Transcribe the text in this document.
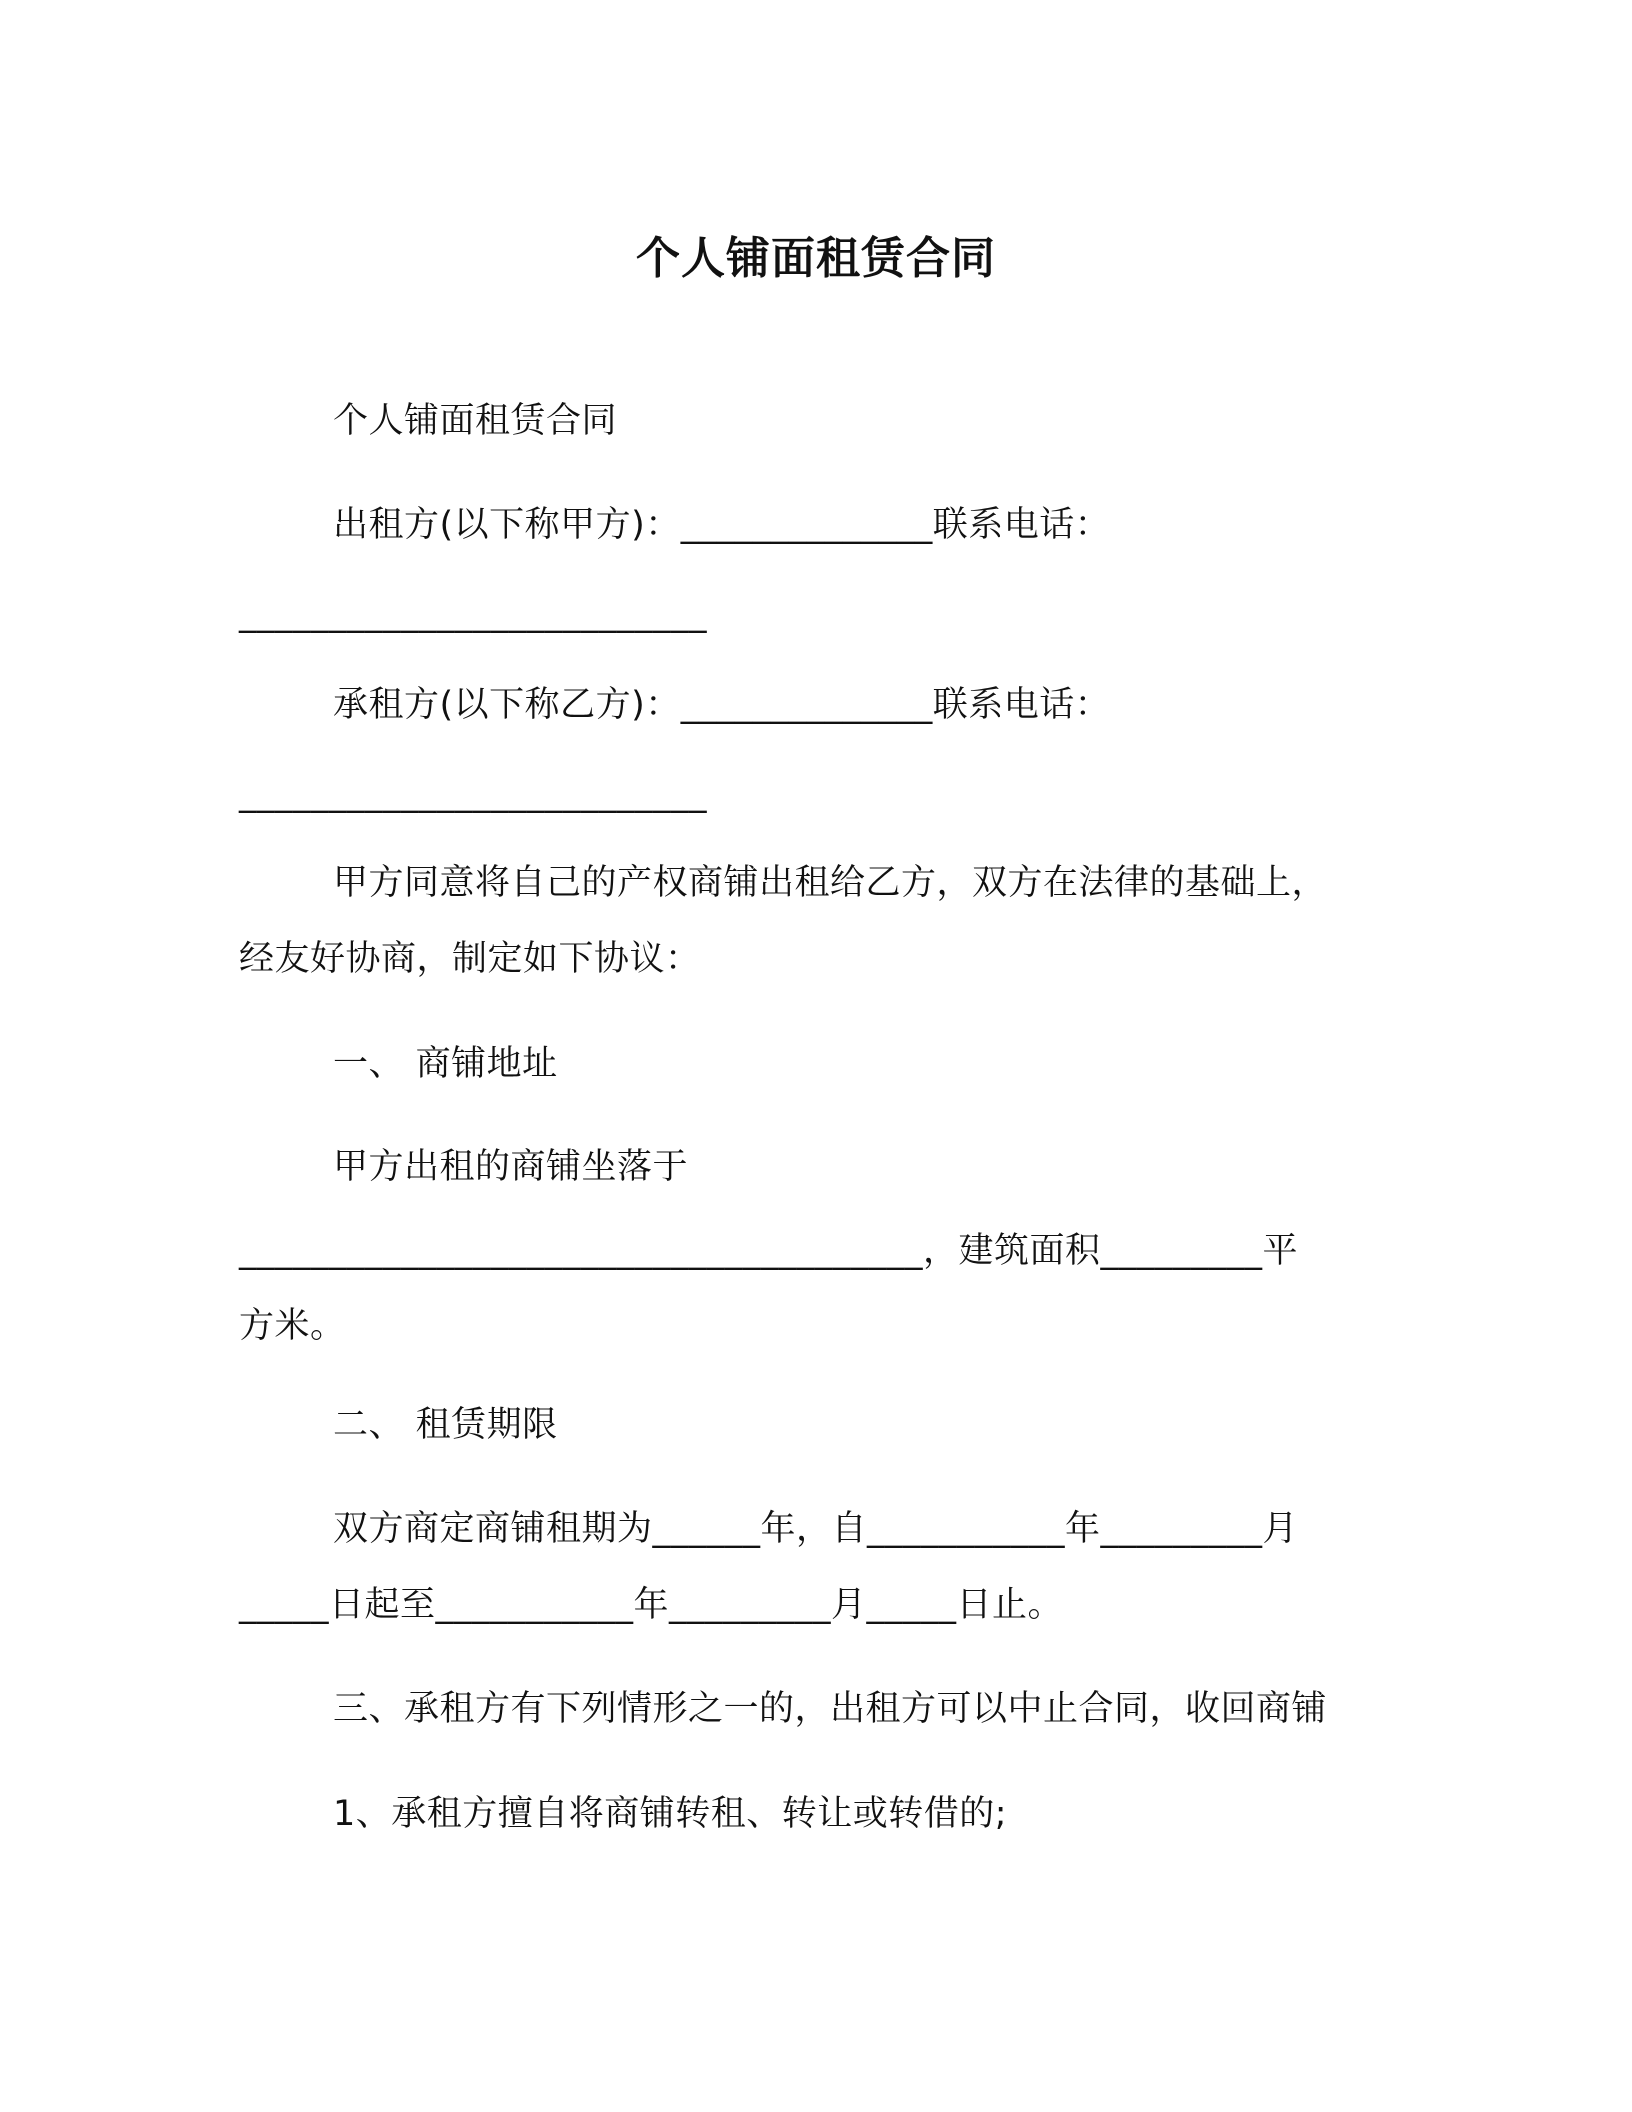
个人铺面租赁合同
个人铺面租赁合同
出租方(以下称甲方)：______________联系电话：
__________________________
承租方(以下称乙方)：______________联系电话：
__________________________
甲方同意将自己的产权商铺出租给乙方，双方在法律的基础上，
经友好协商，制定如下协议：
一、 商铺地址
甲方出租的商铺坐落于
______________________________________，建筑面积_________平
方米。
二、 租赁期限
双方商定商铺租期为______年，自___________年_________月
_____日起至___________年_________月_____日止。
三、承租方有下列情形之一的，出租方可以中止合同，收回商铺
1、承租方擅自将商铺转租、转让或转借的;
